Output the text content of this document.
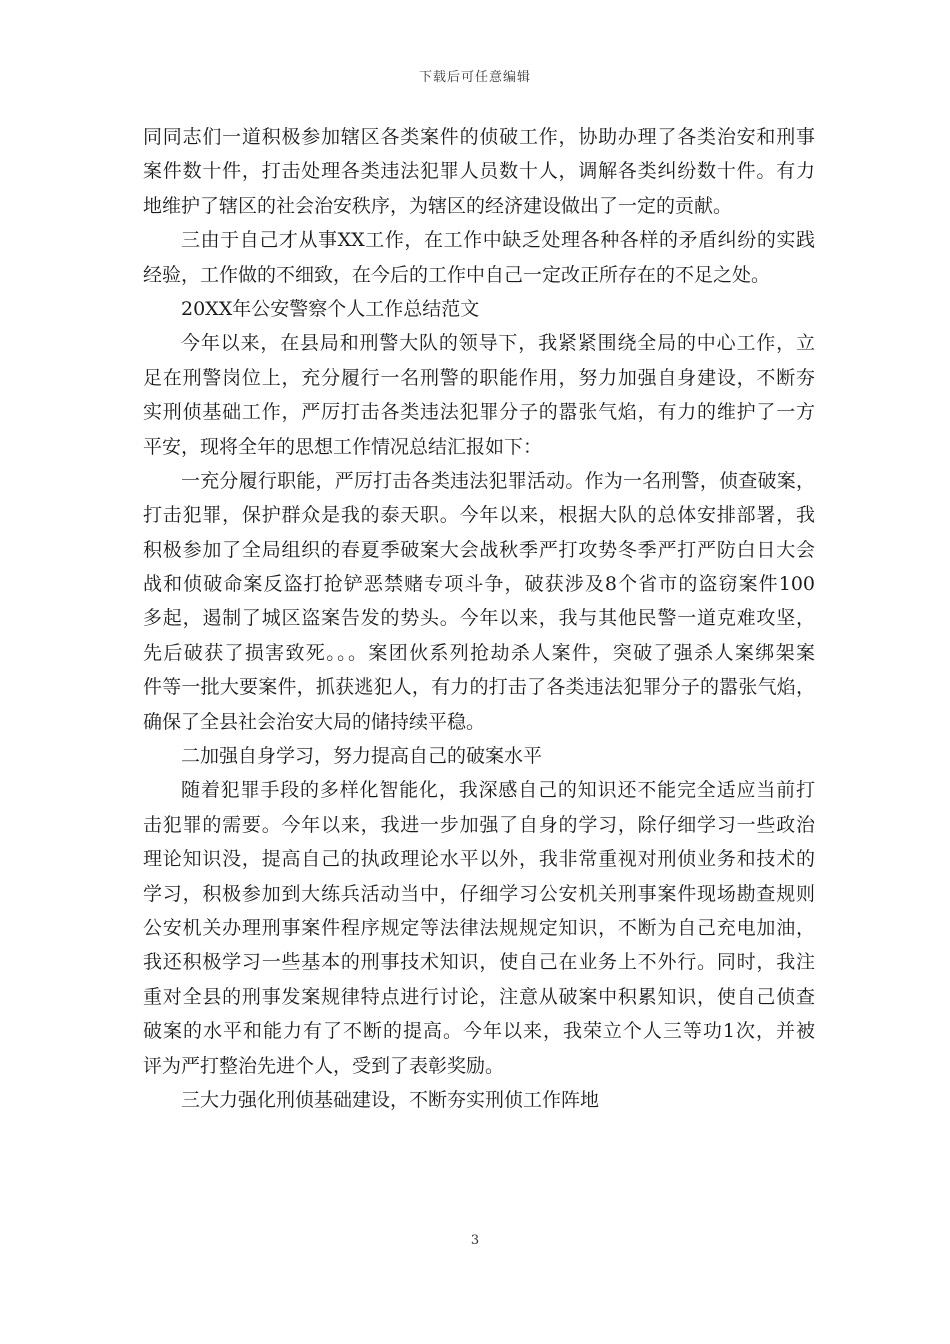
下载后可任意编辑
同同志们一道积极参加辖区各类案件的侦破工作，协助办理了各类治安和刑事
案件数十件，打击处理各类违法犯罪人员数十人，调解各类纠纷数十件。有力
地维护了辖区的社会治安秩序，为辖区的经济建设做出了一定的贡献。
三由于自己才从事XX工作，在工作中缺乏处理各种各样的矛盾纠纷的实践
经验，工作做的不细致，在今后的工作中自己一定改正所存在的不足之处。
20XX年公安警察个人工作总结范文
今年以来，在县局和刑警大队的领导下，我紧紧围绕全局的中心工作，立
足在刑警岗位上，充分履行一名刑警的职能作用，努力加强自身建设，不断夯
实刑侦基础工作，严厉打击各类违法犯罪分子的嚣张气焰，有力的维护了一方
平安，现将全年的思想工作情况总结汇报如下：
一充分履行职能，严厉打击各类违法犯罪活动。作为一名刑警，侦查破案，
打击犯罪，保护群众是我的泰天职。今年以来，根据大队的总体安排部署，我
积极参加了全局组织的春夏季破案大会战秋季严打攻势冬季严打严防白日大会
战和侦破命案反盗打抢铲恶禁赌专项斗争，破获涉及8个省市的盗窃案件100
多起，遏制了城区盗案告发的势头。今年以来，我与其他民警一道克难攻坚，
先后破获了损害致死。。。案团伙系列抢劫杀人案件，突破了强杀人案绑架案
件等一批大要案件，抓获逃犯人，有力的打击了各类违法犯罪分子的嚣张气焰，
确保了全县社会治安大局的储持续平稳。
二加强自身学习，努力提高自己的破案水平
随着犯罪手段的多样化智能化，我深感自己的知识还不能完全适应当前打
击犯罪的需要。今年以来，我进一步加强了自身的学习，除仔细学习一些政治
理论知识没，提高自己的执政理论水平以外，我非常重视对刑侦业务和技术的
学习，积极参加到大练兵活动当中，仔细学习公安机关刑事案件现场勘查规则
公安机关办理刑事案件程序规定等法律法规规定知识，不断为自己充电加油，
我还积极学习一些基本的刑事技术知识，使自己在业务上不外行。同时，我注
重对全县的刑事发案规律特点进行讨论，注意从破案中积累知识，使自己侦查
破案的水平和能力有了不断的提高。今年以来，我荣立个人三等功1次，并被
评为严打整治先进个人，受到了表彰奖励。
三大力强化刑侦基础建设，不断夯实刑侦工作阵地
3
